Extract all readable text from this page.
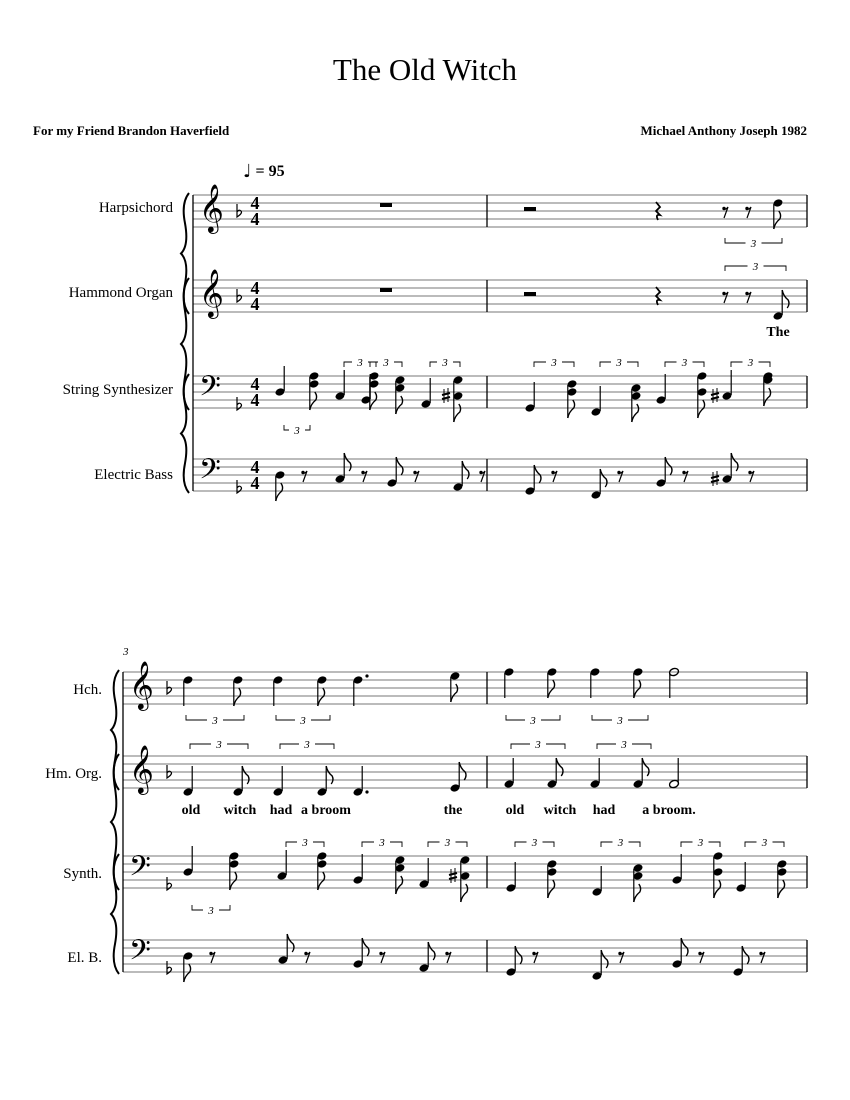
The Old Witch
For my Friend Brandon Haverfield	Michael Anthony Joseph 1982
♩ = 95
Harpsichord
Hammond Organ
String Synthesizer
Electric Bass
Hch.
Hm. Org.
Synth.
El. B.
3
𝄞 4
4
𝄞 4
4
𝄢 4
4
𝄢 4
4
3
3
The
3
3 3	3	3	3	3	3
𝄞
𝄞
𝄢
𝄢
3	3	3	3
3	3	3	3
old witch had a broom	the	old witch had a broom.
3
3	3	3	3	3	3	3
